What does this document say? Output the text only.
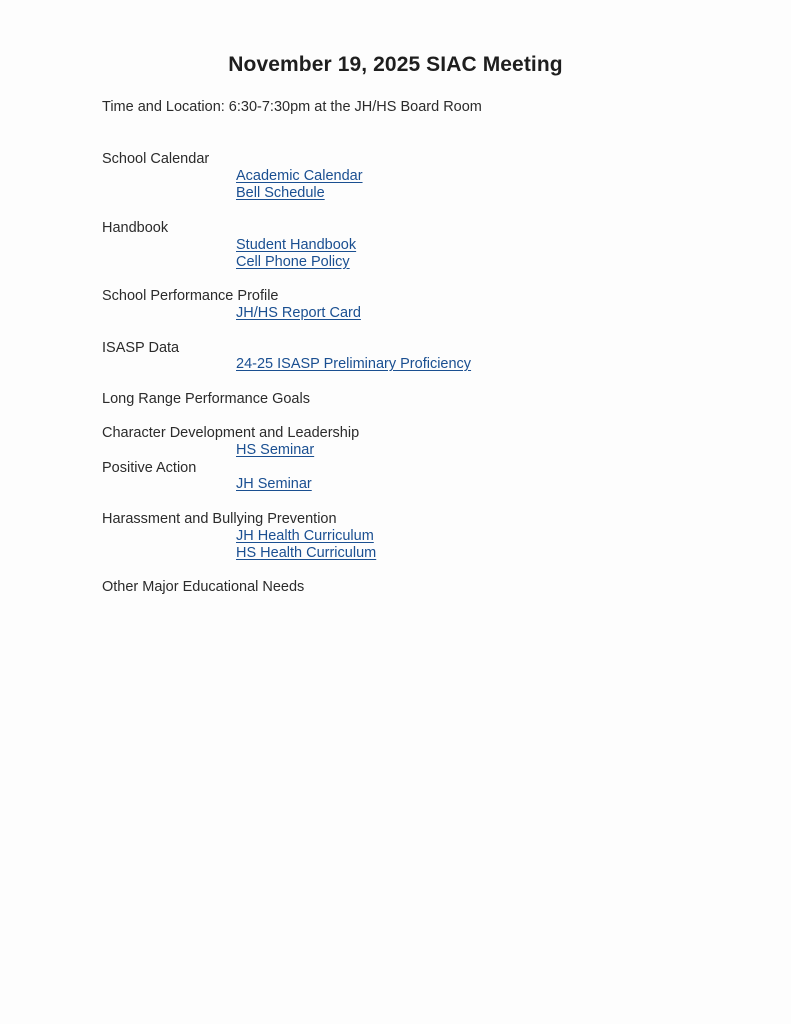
November 19, 2025 SIAC Meeting
Time and Location: 6:30-7:30pm at the JH/HS Board Room
School Calendar
Academic Calendar
Bell Schedule
Handbook
Student Handbook
Cell Phone Policy
School Performance Profile
JH/HS Report Card
ISASP Data
24-25 ISASP Preliminary Proficiency
Long Range Performance Goals
Character Development and Leadership
HS Seminar
Positive Action
JH Seminar
Harassment and Bullying Prevention
JH Health Curriculum
HS Health Curriculum
Other Major Educational Needs
